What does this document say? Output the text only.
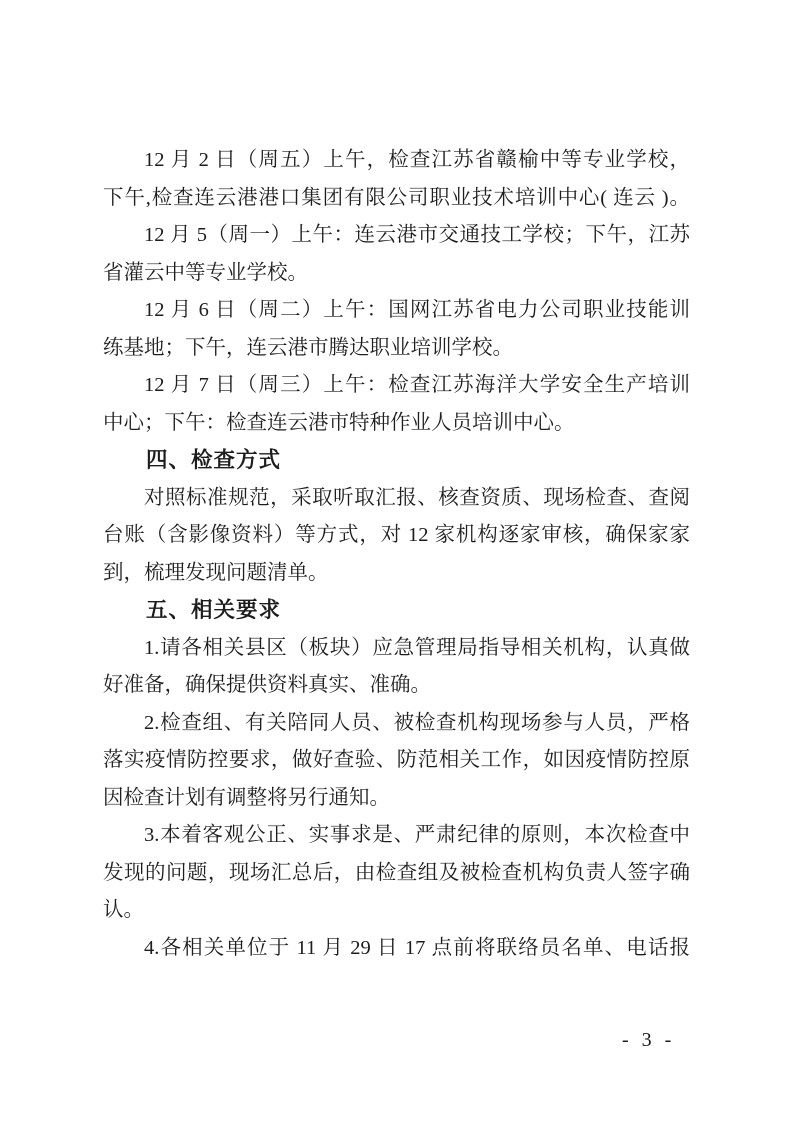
12 月 2 日（周五）上午，检查江苏省赣榆中等专业学校，
下午,检查连云港港口集团有限公司职业技术培训中心( 连云 )。
12 月 5（周一）上午：连云港市交通技工学校；下午，江苏
省灌云中等专业学校。
12 月 6 日（周二）上午：国网江苏省电力公司职业技能训
练基地；下午，连云港市腾达职业培训学校。
12 月 7 日（周三）上午：检查江苏海洋大学安全生产培训
中心；下午：检查连云港市特种作业人员培训中心。
四、检查方式
对照标准规范，采取听取汇报、核查资质、现场检查、查阅
台账（含影像资料）等方式，对 12 家机构逐家审核，确保家家
到，梳理发现问题清单。
五、相关要求
1.请各相关县区（板块）应急管理局指导相关机构，认真做
好准备，确保提供资料真实、准确。
2.检查组、有关陪同人员、被检查机构现场参与人员，严格
落实疫情防控要求，做好查验、防范相关工作，如因疫情防控原
因检查计划有调整将另行通知。
3.本着客观公正、实事求是、严肃纪律的原则，本次检查中
发现的问题，现场汇总后，由检查组及被检查机构负责人签字确
认。
4.各相关单位于 11 月 29 日 17 点前将联络员名单、电话报
- 3 -
